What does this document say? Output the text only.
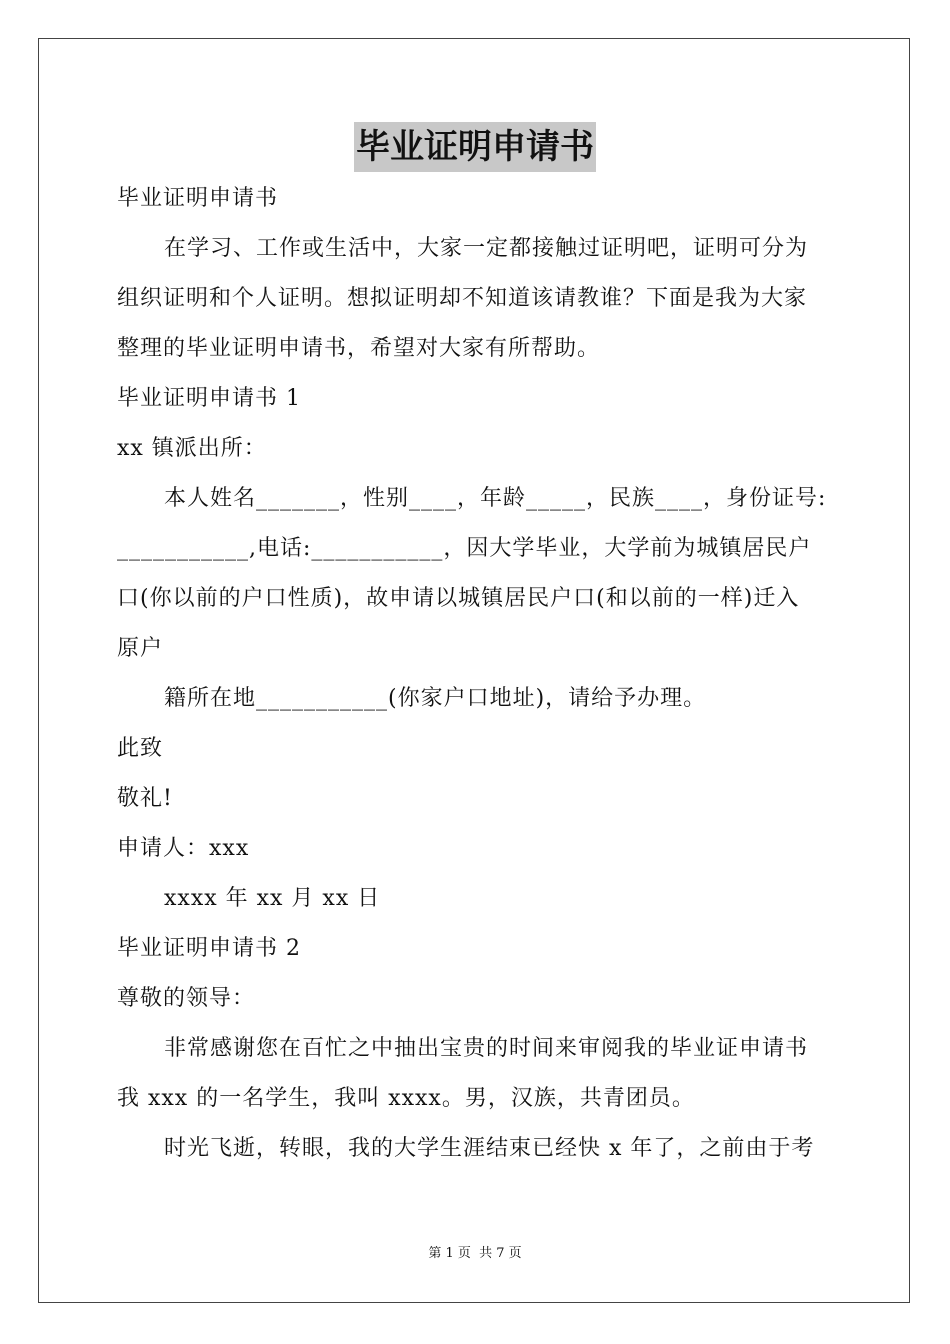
毕业证明申请书
毕业证明申请书
在学习、工作或生活中，大家一定都接触过证明吧，证明可分为
组织证明和个人证明。想拟证明却不知道该请教谁？下面是我为大家
整理的毕业证明申请书，希望对大家有所帮助。
毕业证明申请书 1
xx 镇派出所：
本人姓名_______，性别____，年龄_____，民族____，身份证号:
___________,电话:___________，因大学毕业，大学前为城镇居民户
口(你以前的户口性质)，故申请以城镇居民户口(和以前的一样)迁入
原户
籍所在地___________(你家户口地址)，请给予办理。
此致
敬礼!
申请人：xxx
xxxx 年 xx 月 xx 日
毕业证明申请书 2
尊敬的领导：
非常感谢您在百忙之中抽出宝贵的时间来审阅我的毕业证申请书
我 xxx 的一名学生，我叫 xxxx。男，汉族，共青团员。
时光飞逝，转眼，我的大学生涯结束已经快 x 年了，之前由于考
第 1 页 共 7 页
